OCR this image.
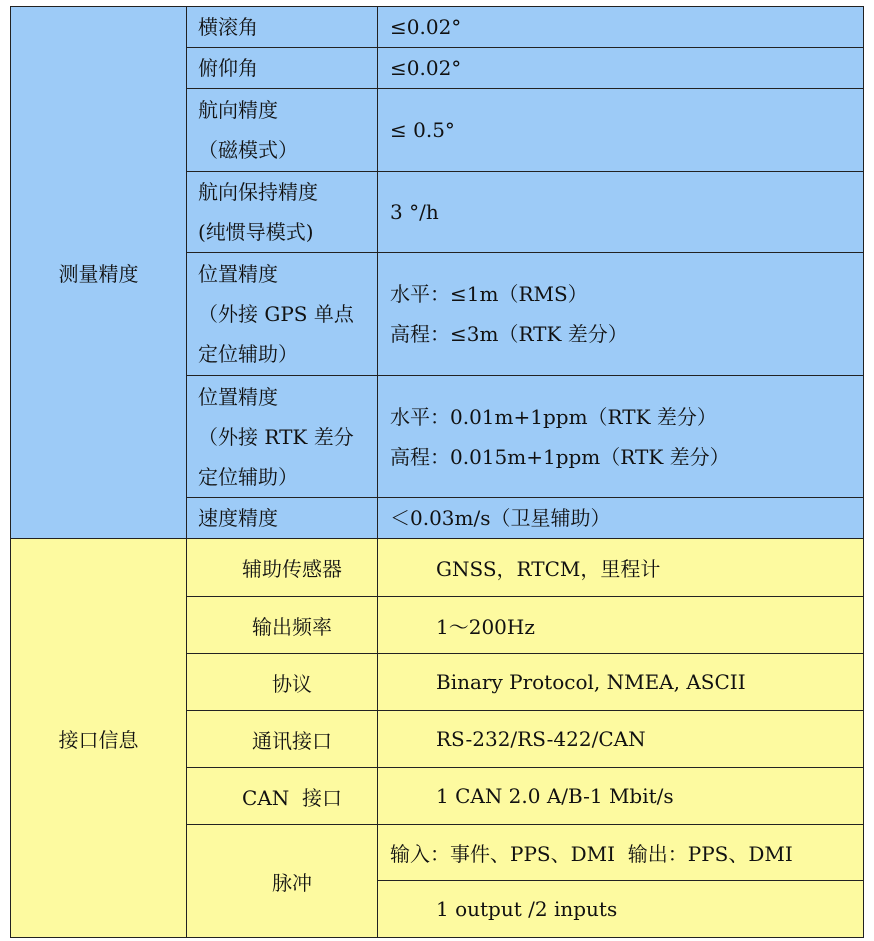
测量精度	横滚角	≤0.02°

	俯仰角	≤0.02°

	航向精度
（磁模式）	≤ 0.5°

	航向保持精度
(纯惯导模式)	3 °/h

	位置精度
（外接 GPS 单点
定位辅助）	水平：≤1m（RMS）
高程：≤3m（RTK 差分）

	位置精度
（外接 RTK 差分
定位辅助）	水平：0.01m+1ppm（RTK 差分）
高程：0.015m+1ppm（RTK 差分）

	速度精度	＜0.03m/s（卫星辅助）

接口信息	辅助传感器	GNSS，RTCM，里程计
	输出频率	1～200Hz
	协议	Binary Protocol, NMEA, ASCII
	通讯接口	RS-232/RS-422/CAN
	CAN  接口	1 CAN 2.0 A/B-1 Mbit/s
	脉冲	输入：事件、PPS、DMI  输出：PPS、DMI
		1 output /2 inputs
